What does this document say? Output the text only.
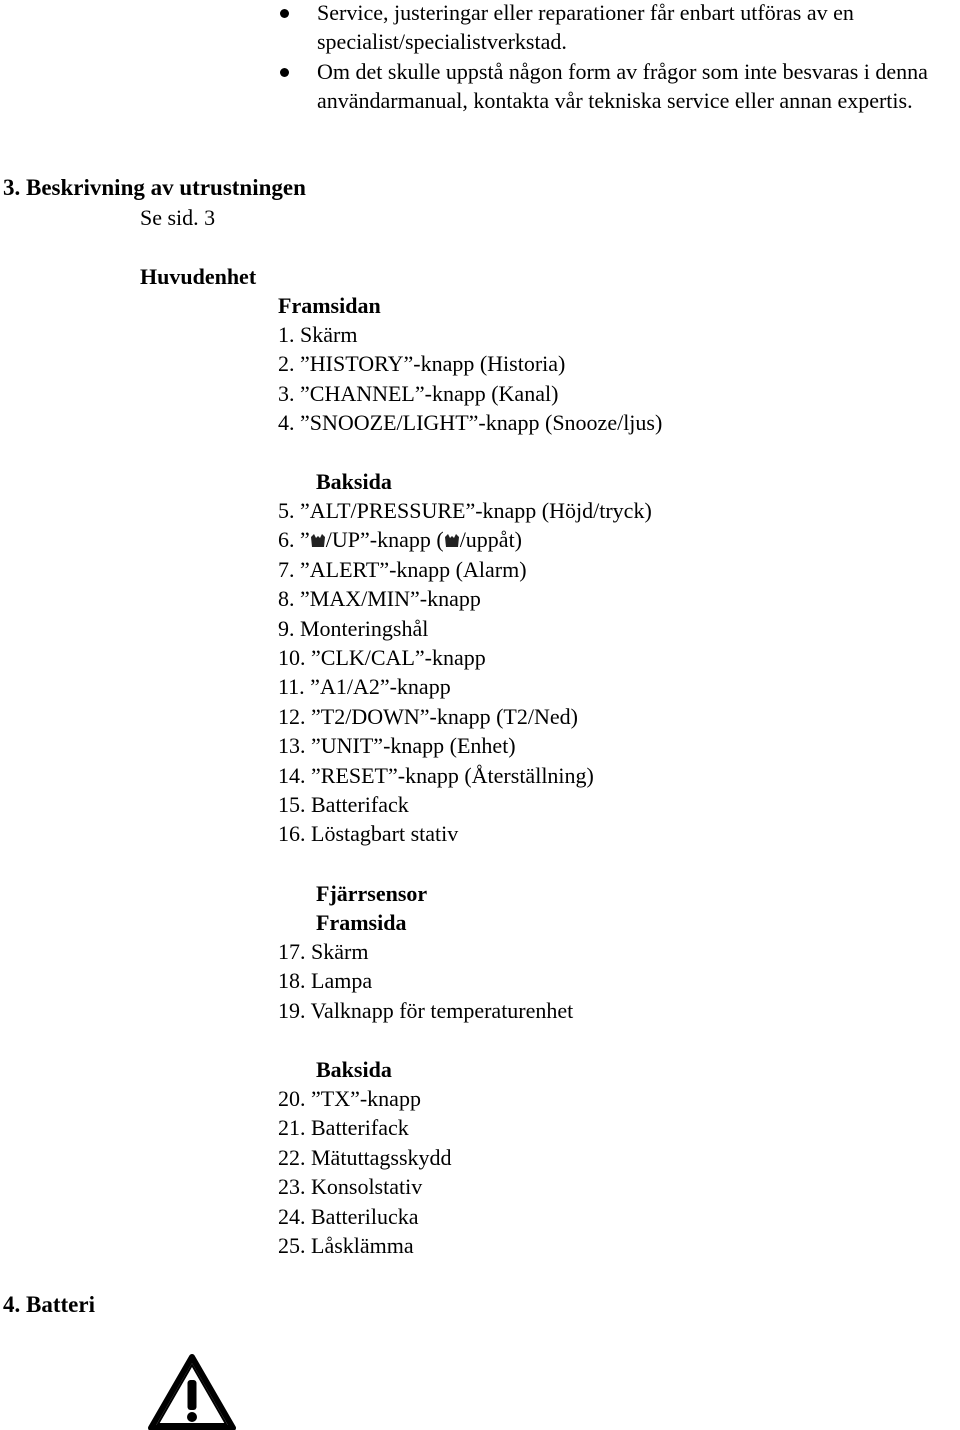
Service, justeringar eller reparationer får enbart utföras av en specialist/specialistverkstad.
Om det skulle uppstå någon form av frågor som inte besvaras i denna användarmanual, kontakta vår tekniska service eller annan expertis.
3. Beskrivning av utrustningen

Se sid. 3

Huvudenhet
Framsidan
1. Skärm
2. ”HISTORY”-knapp (Historia)
3. ”CHANNEL”-knapp (Kanal)
4. ”SNOOZE/LIGHT”-knapp (Snooze/ljus)
Baksida
5. ”ALT/PRESSURE”-knapp (Höjd/tryck)
6. ” /UP”-knapp ( /uppåt)
7. ”ALERT”-knapp (Alarm)
8. ”MAX/MIN”-knapp
9. Monteringshål
10. ”CLK/CAL”-knapp
11. ”A1/A2”-knapp
12. ”T2/DOWN”-knapp (T2/Ned)
13. ”UNIT”-knapp (Enhet)
14. ”RESET”-knapp (Återställning)
15. Batterifack
16. Löstagbart stativ
Fjärrsensor
Framsida
17. Skärm
18. Lampa
19. Valknapp för temperaturenhet
Baksida
20. ”TX”-knapp
21. Batterifack
22. Mätuttagsskydd
23. Konsolstativ
24. Batterilucka
25. Låsklämma
4. Batteri
